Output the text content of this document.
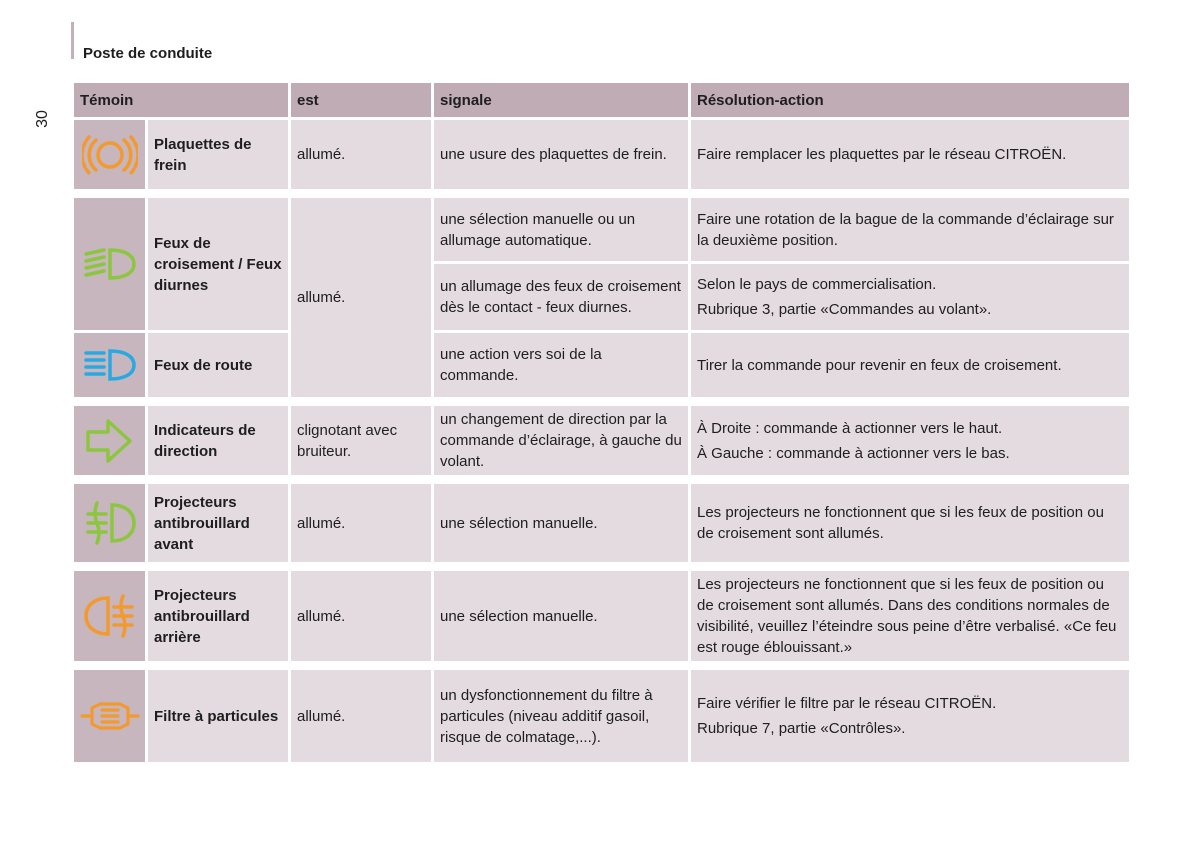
Poste de conduite
30
Témoin		est	signale	Résolution-action

	Plaquettes de frein	allumé.	une usure des plaquettes de frein.	Faire remplacer les plaquettes par le réseau CITROËN.

	Feux de croisement / Feux diurnes	allumé.	une sélection manuelle ou un allumage automatique.	Faire une rotation de la bague de la commande d’éclairage sur la deuxième position.
			un allumage des feux de croisement dès le contact - feux diurnes.	Selon le pays de commercialisation.

Rubrique 3, partie «Commandes au volant».

	Feux de route		une action vers soi de la commande.	Tirer la commande pour revenir en feux de croisement.

	Indicateurs de direction	clignotant avec bruiteur.	un changement de direction par la commande d’éclairage, à gauche du volant.	À Droite : commande à actionner vers le haut.

À Gauche : commande à actionner vers le bas.

	Projecteurs antibrouillard avant	allumé.	une sélection manuelle.	Les projecteurs ne fonctionnent que si les feux de position ou de croisement sont allumés.

	Projecteurs antibrouillard arrière	allumé.	une sélection manuelle.	Les projecteurs ne fonctionnent que si les feux de position ou de croisement sont allumés. Dans des conditions normales de visibilité, veuillez l’éteindre sous peine d’être verbalisé. «Ce feu est rouge éblouissant.»

	Filtre à particules	allumé.	un dysfonctionnement du filtre à particules (niveau additif gasoil, risque de colmatage,...).	Faire vérifier le filtre par le réseau CITROËN.

Rubrique 7, partie «Contrôles».
